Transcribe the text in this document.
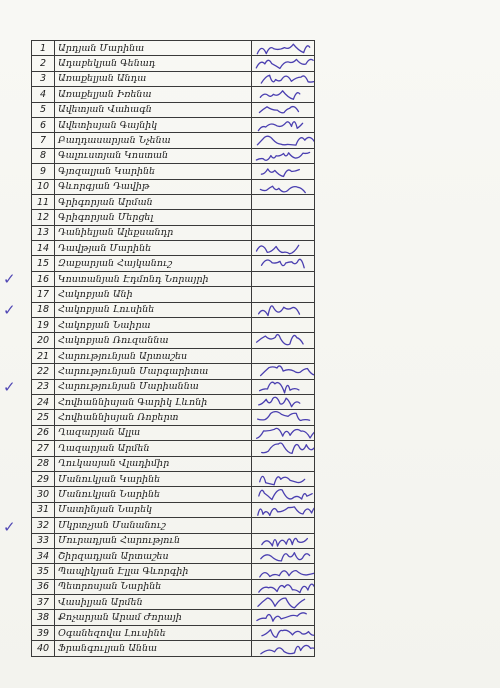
1	Արդյան Մարինա	

2	Ադաբեկյան Գենադ	

3	Առաքելյան Անդա	

4	Առաքելյան Իռենա	

5	Ավետյան Վահագն	

6	Ավետիսյան Գայնիկ	

7	Բաղդասարյան Նչենա	

8	Գալուստյան Կոստան	

9	Գյոզալյան Կարինե	

10	Գևորգյան Դավիթ	

11	Գրիգորյան Արման	
12	Գրիգորյան Մերցել	
13	Դանիելյան Ալեքսանդր	
14	Դավթյան Մարինե	

15	Զաքարյան Հայկանուշ	

16	Կոստանյան Էդմոնդ Նորայրի	
17	Հակոբյան Անի	
18	Հակոբյան Լուսինե	

19	Հակոբյան Նաիրա	
20	Հակոբյան Ռուզաննա	

21	Հարությունյան Արտաշես	
22	Հարությունյան Մարգարիտա	

23	Հարությունյան Մարիաննա	

24	Հովհաննիսյան Գարիկ Լևոնի	

25	Հովհաննիսյան Ռոբերտ	

26	Ղազարյան Ալլա	

27	Ղազարյան Արմեն	

28	Ղուկասյան Վլադիմիր	
29	Մանուկյան Կարինե	

30	Մանուկյան Նարինե	

31	Մատինյան Նարեկ	

32	Մկրտչյան Մանանուշ	
33	Մուրադյան Հարություն	

34	Շիրզադյան Արտաշես	

35	Պապիկյան Էլլա Գևորգիի	

36	Պետրոսյան Նարինե	

37	Վասիլյան Արմեն	

38	Քոչարյան Արամ Ժորայի	

39	Օգանեզովա Լուսինե	

40	Ֆրանգուլյան Աննա	
✓
✓
✓
✓
